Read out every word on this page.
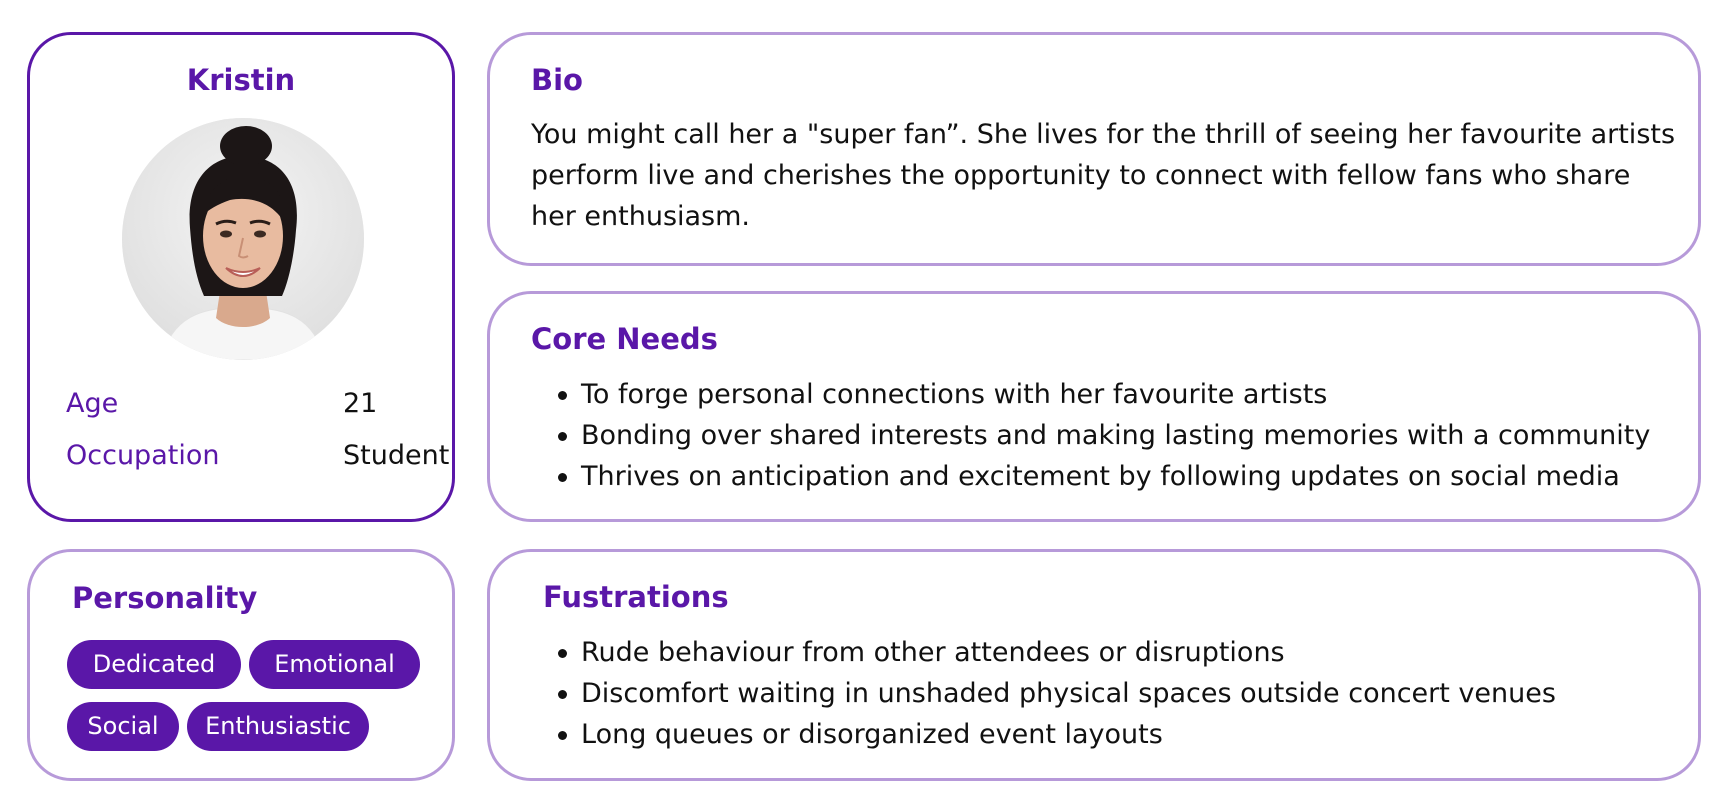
Kristin
Age	21
Occupation	Student
Personality
Dedicated	Emotional
Social	Enthusiastic
Bio

You might call her a "super fan”. She lives for the thrill of seeing her favourite artists perform live and cherishes the opportunity to connect with fellow fans who share her enthusiasm.

Core Needs
To forge personal connections with her favourite artists
Bonding over shared interests and making lasting memories with a community
Thrives on anticipation and excitement by following updates on social media
Fustrations
Rude behaviour from other attendees or disruptions
Discomfort waiting in unshaded physical spaces outside concert venues
Long queues or disorganized event layouts
